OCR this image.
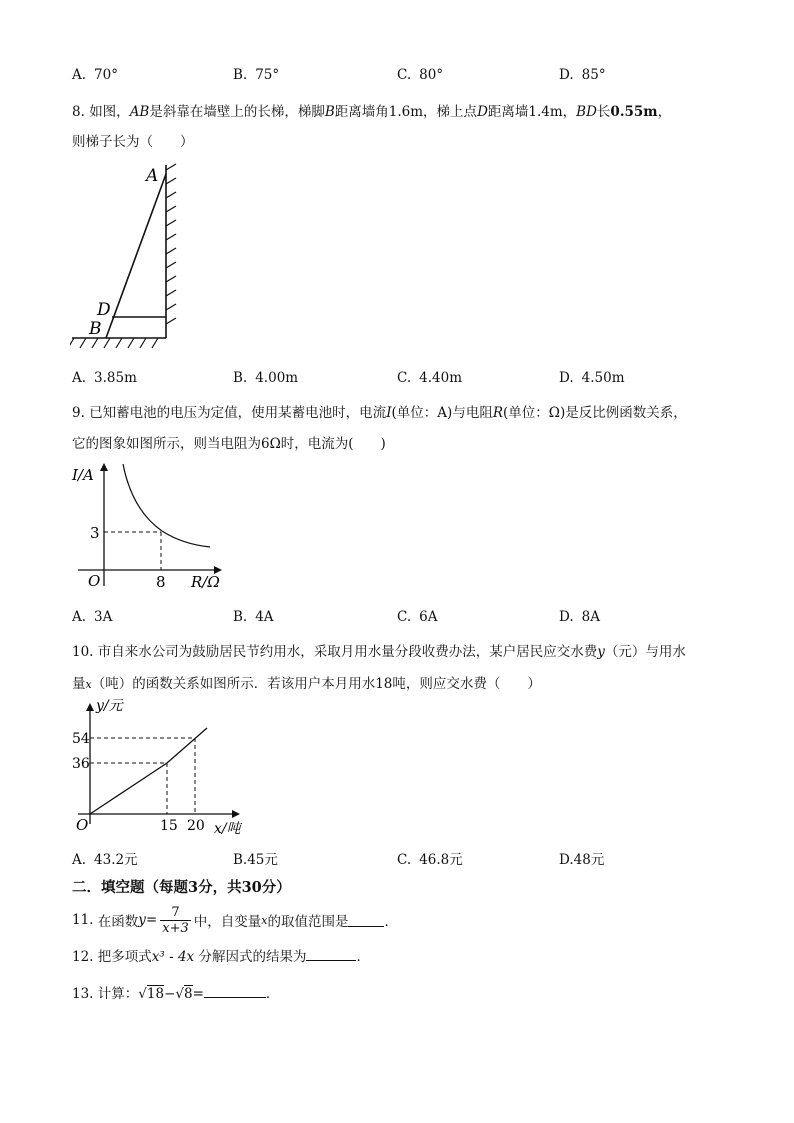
A. 70°	B. 75°	C. 80°	D. 85°
8. 如图，AB是斜靠在墙壁上的长梯，梯脚B距离墙角1.6m，梯上点D距离墙1.4m，BD长0.55m，
则梯子长为（　　）
A
D
B
A. 3.85m	B. 4.00m	C. 4.40m	D. 4.50m
9. 已知蓄电池的电压为定值，使用某蓄电池时，电流I(单位：A)与电阻R(单位：Ω)是反比例函数关系，
它的图象如图所示，则当电阻为6Ω时，电流为(　　)
I/A
3
O	8 R/Ω
A. 3A	B. 4A	C. 6A	D. 8A
10. 市自来水公司为鼓励居民节约用水，采取月用水量分段收费办法，某户居民应交水费y（元）与用水
量x（吨）的函数关系如图所示．若该用户本月用水18吨，则应交水费（　　）
y/元
54
36
O	15 20 x/吨
A. 43.2元	B.45元	C. 46.8元	D.48元
二．填空题（每题3分，共30分）
11.
在函数 $y = \frac{7}{x+3}$ 中，自变量 x 的取值范围是	．
12. 把多项式x³ - 4x 分解因式的结果为	．
13. 计算：√18−√8=	．
